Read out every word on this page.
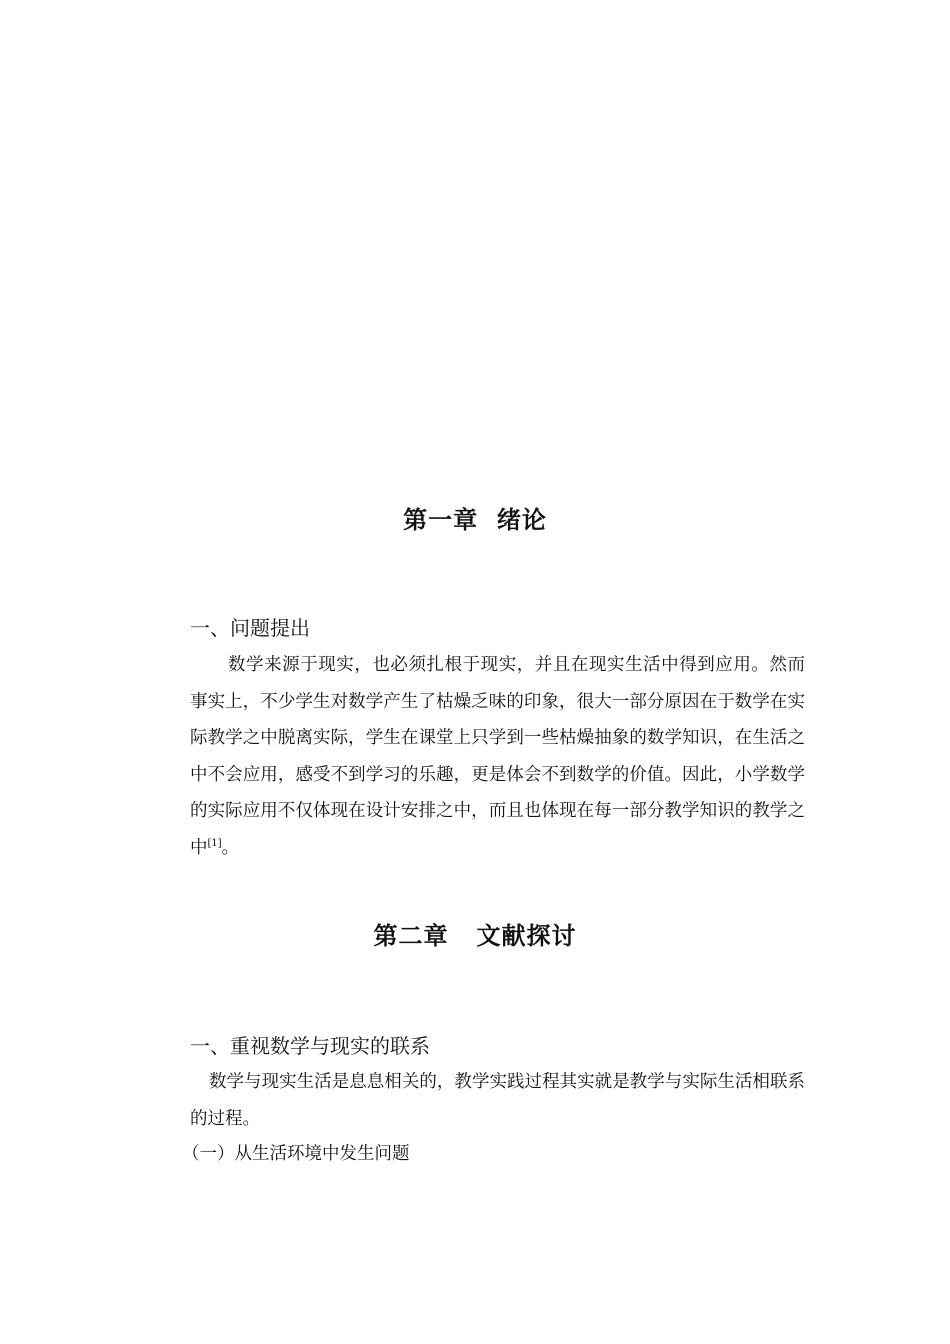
第一章  绪论
一、问题提出
数学来源于现实，也必须扎根于现实，并且在现实生活中得到应用。然而事实上，不少学生对数学产生了枯燥乏味的印象，很大一部分原因在于数学在实际教学之中脱离实际，学生在课堂上只学到一些枯燥抽象的数学知识，在生活之中不会应用，感受不到学习的乐趣，更是体会不到数学的价值。因此，小学数学的实际应用不仅体现在设计安排之中，而且也体现在每一部分教学知识的教学之中[1]。
第二章   文献探讨
一、重视数学与现实的联系
数学与现实生活是息息相关的，教学实践过程其实就是教学与实际生活相联系的过程。
（一）从生活环境中发生问题
